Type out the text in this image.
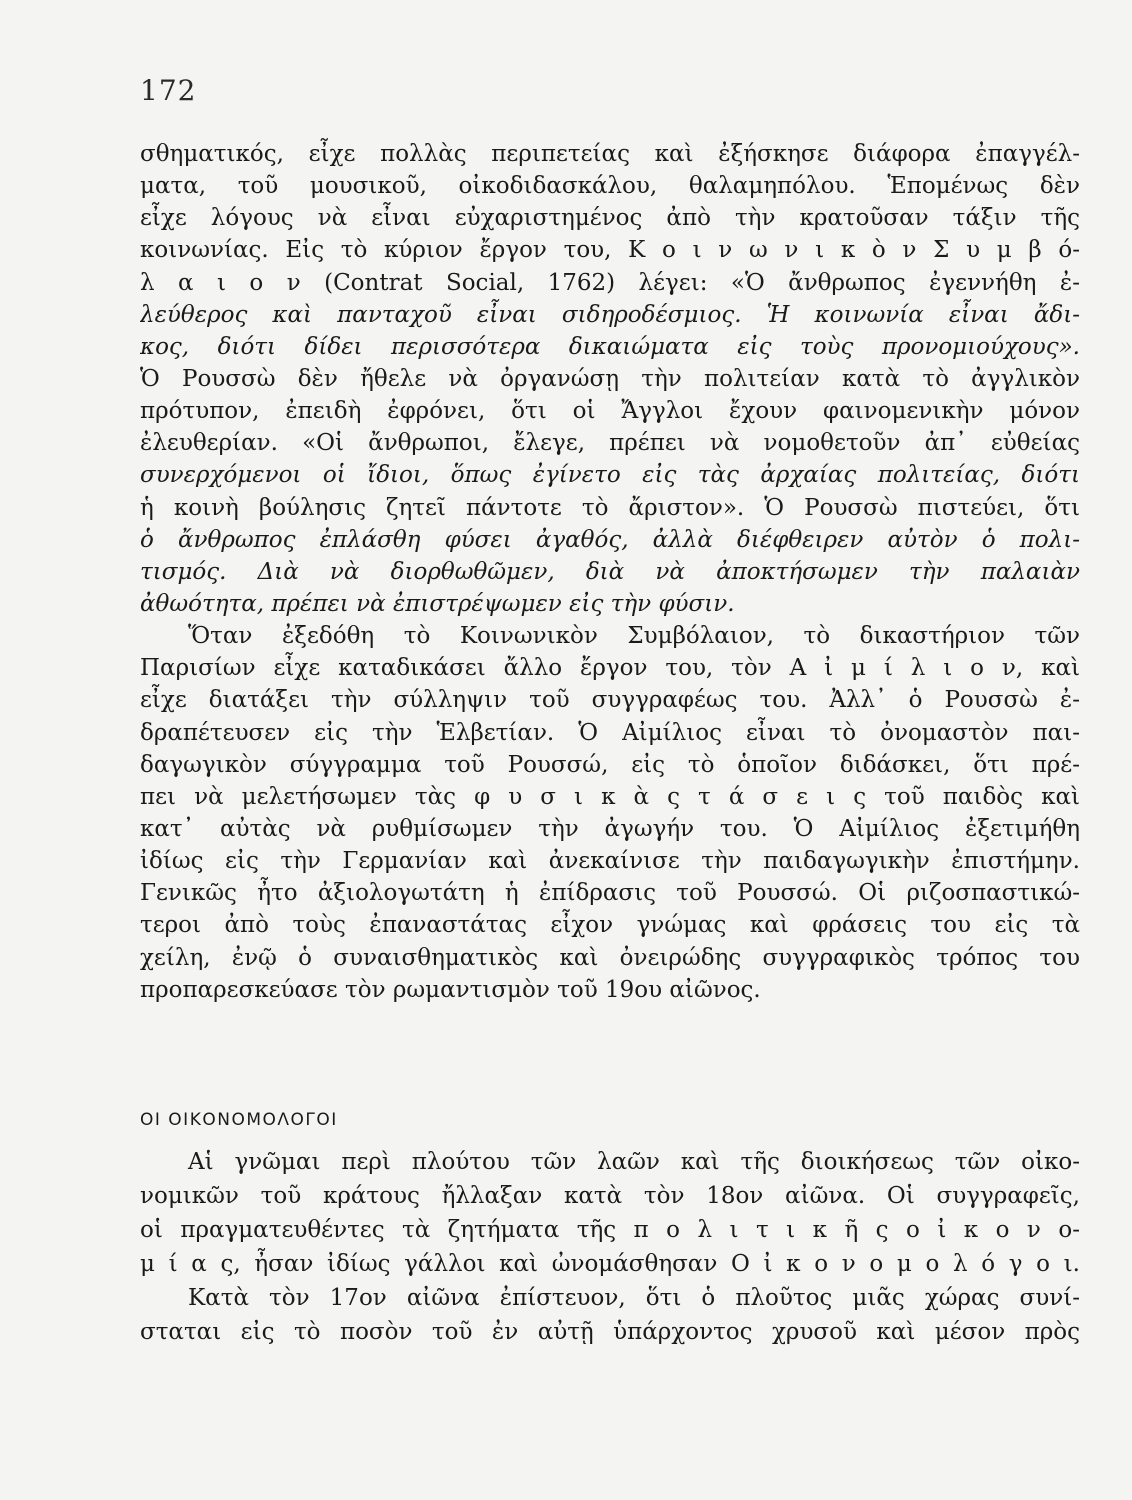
172
σθηματικός, εἶχε πολλὰς περιπετείας καὶ ἐξήσκησε διάφορα ἐπαγγέλ-
ματα, τοῦ μουσικοῦ, οἰκοδιδασκάλου, θαλαμηπόλου. Ἑπομένως δὲν
εἶχε λόγους νὰ εἶναι εὐχαριστημένος ἀπὸ τὴν κρατοῦσαν τάξιν τῆς
κοινωνίας. Εἰς τὸ κύριον ἔργον του, Κ ο ι ν ω ν ι κ ὸ ν Σ υ μ β ό-
λ α ι ο ν (Contrat Social, 1762) λέγει: «Ὁ ἄνθρωπος ἐγεννήθη ἐ-
λεύθερος καὶ πανταχοῦ εἶναι σιδηροδέσμιος. Ἡ κοινωνία εἶναι ἄδι-
κος, διότι δίδει περισσότερα δικαιώματα εἰς τοὺς προνομιούχους».
Ὁ Ρουσσὼ δὲν ἤθελε νὰ ὀργανώσῃ τὴν πολιτείαν κατὰ τὸ ἀγγλικὸν
πρότυπον, ἐπειδὴ ἐφρόνει, ὅτι οἱ Ἄγγλοι ἔχουν φαινομενικὴν μόνον
ἐλευθερίαν. «Οἱ ἄνθρωποι, ἔλεγε, πρέπει νὰ νομοθετοῦν ἀπ᾽ εὐθείας
συνερχόμενοι οἱ ἴδιοι, ὅπως ἐγίνετο εἰς τὰς ἀρχαίας πολιτείας, διότι
ἡ κοινὴ βούλησις ζητεῖ πάντοτε τὸ ἄριστον». Ὁ Ρουσσὼ πιστεύει, ὅτι
ὁ ἄνθρωπος ἐπλάσθη φύσει ἀγαθός, ἀλλὰ διέφθειρεν αὐτὸν ὁ πολι-
τισμός. Διὰ νὰ διορθωθῶμεν, διὰ νὰ ἀποκτήσωμεν τὴν παλαιὰν
ἀθωότητα, πρέπει νὰ ἐπιστρέψωμεν εἰς τὴν φύσιν.
Ὅταν ἐξεδόθη τὸ Κοινωνικὸν Συμβόλαιον, τὸ δικαστήριον τῶν
Παρισίων εἶχε καταδικάσει ἄλλο ἔργον του, τὸν Α ἰ μ ί λ ι ο ν, καὶ
εἶχε διατάξει τὴν σύλληψιν τοῦ συγγραφέως του. Ἀλλ᾽ ὁ Ρουσσὼ ἐ-
δραπέτευσεν εἰς τὴν Ἑλβετίαν. Ὁ Αἰμίλιος εἶναι τὸ ὀνομαστὸν παι-
δαγωγικὸν σύγγραμμα τοῦ Ρουσσώ, εἰς τὸ ὁποῖον διδάσκει, ὅτι πρέ-
πει νὰ μελετήσωμεν τὰς φ υ σ ι κ ὰ ς τ ά σ ε ι ς τοῦ παιδὸς καὶ
κατ᾽ αὐτὰς νὰ ρυθμίσωμεν τὴν ἀγωγήν του. Ὁ Αἰμίλιος ἐξετιμήθη
ἰδίως εἰς τὴν Γερμανίαν καὶ ἀνεκαίνισε τὴν παιδαγωγικὴν ἐπιστήμην.
Γενικῶς ἦτο ἀξιολογωτάτη ἡ ἐπίδρασις τοῦ Ρουσσώ. Οἱ ριζοσπαστικώ-
τεροι ἀπὸ τοὺς ἐπαναστάτας εἶχον γνώμας καὶ φράσεις του εἰς τὰ
χείλη, ἐνῷ ὁ συναισθηματικὸς καὶ ὀνειρώδης συγγραφικὸς τρόπος του
προπαρεσκεύασε τὸν ρωμαντισμὸν τοῦ 19ου αἰῶνος.
ΟΙ ΟΙΚΟΝΟΜΟΛΟΓΟΙ
Αἱ γνῶμαι περὶ πλούτου τῶν λαῶν καὶ τῆς διοικήσεως τῶν οἰκο-
νομικῶν τοῦ κράτους ἤλλαξαν κατὰ τὸν 18ον αἰῶνα. Οἱ συγγραφεῖς,
οἱ πραγματευθέντες τὰ ζητήματα τῆς π ο λ ι τ ι κ ῆ ς ο ἰ κ ο ν ο-
μ ί α ς, ἦσαν ἰδίως γάλλοι καὶ ὠνομάσθησαν Ο ἰ κ ο ν ο μ ο λ ό γ ο ι.
Κατὰ τὸν 17ον αἰῶνα ἐπίστευον, ὅτι ὁ πλοῦτος μιᾶς χώρας συνί-
σταται εἰς τὸ ποσὸν τοῦ ἐν αὐτῇ ὑπάρχοντος χρυσοῦ καὶ μέσον πρὸς
